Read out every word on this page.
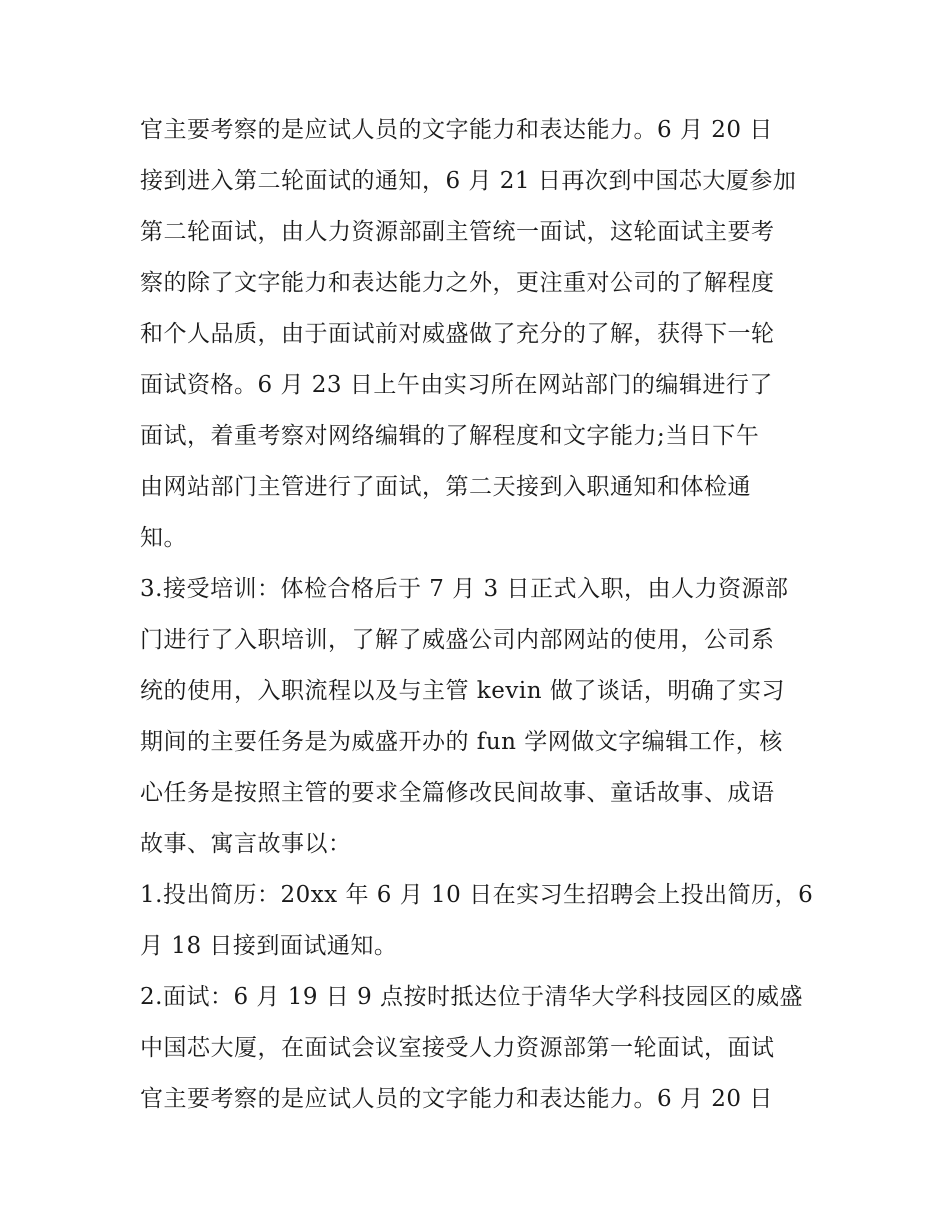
官主要考察的是应试人员的文字能力和表达能力。6 月 20 日
接到进入第二轮面试的通知，6 月 21 日再次到中国芯大厦参加
第二轮面试，由人力资源部副主管统一面试，这轮面试主要考
察的除了文字能力和表达能力之外，更注重对公司的了解程度
和个人品质，由于面试前对威盛做了充分的了解，获得下一轮
面试资格。6 月 23 日上午由实习所在网站部门的编辑进行了
面试，着重考察对网络编辑的了解程度和文字能力;当日下午
由网站部门主管进行了面试，第二天接到入职通知和体检通
知。
3.接受培训：体检合格后于 7 月 3 日正式入职，由人力资源部
门进行了入职培训，了解了威盛公司内部网站的使用，公司系
统的使用，入职流程以及与主管 kevin 做了谈话，明确了实习
期间的主要任务是为威盛开办的 fun 学网做文字编辑工作，核
心任务是按照主管的要求全篇修改民间故事、童话故事、成语
故事、寓言故事以：
1.投出简历：20xx 年 6 月 10 日在实习生招聘会上投出简历，6
月 18 日接到面试通知。
2.面试：6 月 19 日 9 点按时抵达位于清华大学科技园区的威盛
中国芯大厦，在面试会议室接受人力资源部第一轮面试，面试
官主要考察的是应试人员的文字能力和表达能力。6 月 20 日
